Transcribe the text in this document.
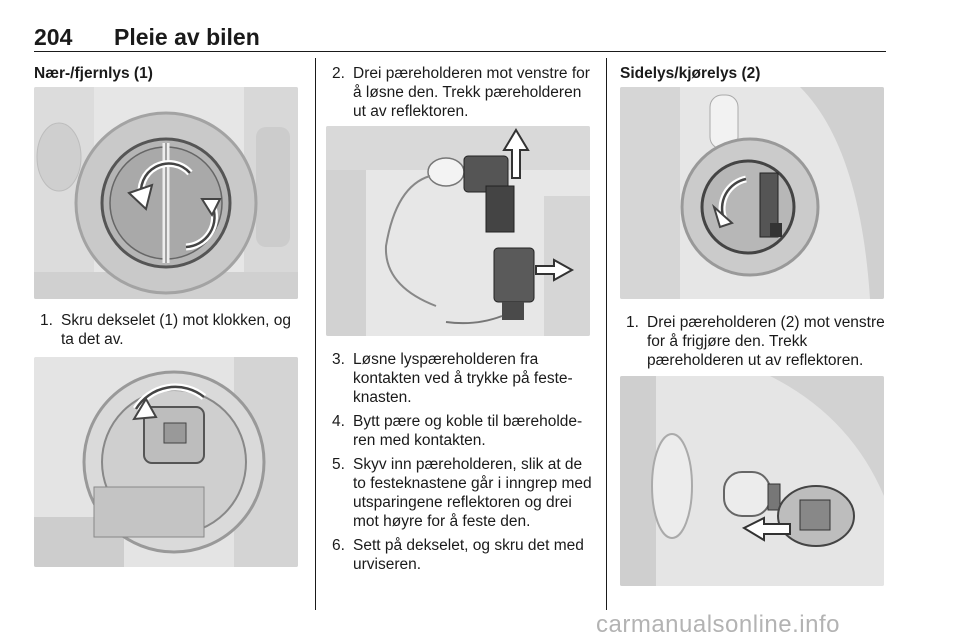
204 Pleie av bilen
Nær-/fjernlys (1)
1. Skru dekselet (1) mot klokken, og ta det av.
2. Drei pæreholderen mot venstre for å løsne den. Trekk pæreholderen ut av reflektoren.
3. Løsne lyspæreholderen fra kontakten ved å trykke på festeknasten.
4. Bytt pære og koble til bæreholderen med kontakten.
5. Skyv inn pæreholderen, slik at de to festeknastene går i inngrep med utsparingene reflektoren og drei mot høyre for å feste den.
6. Sett på dekselet, og skru det med urviseren.
Sidelys/kjørelys (2)
1. Drei pæreholderen (2) mot venstre for å frigjøre den. Trekk pæreholderen ut av reflektoren.
carmanualsonline.info
